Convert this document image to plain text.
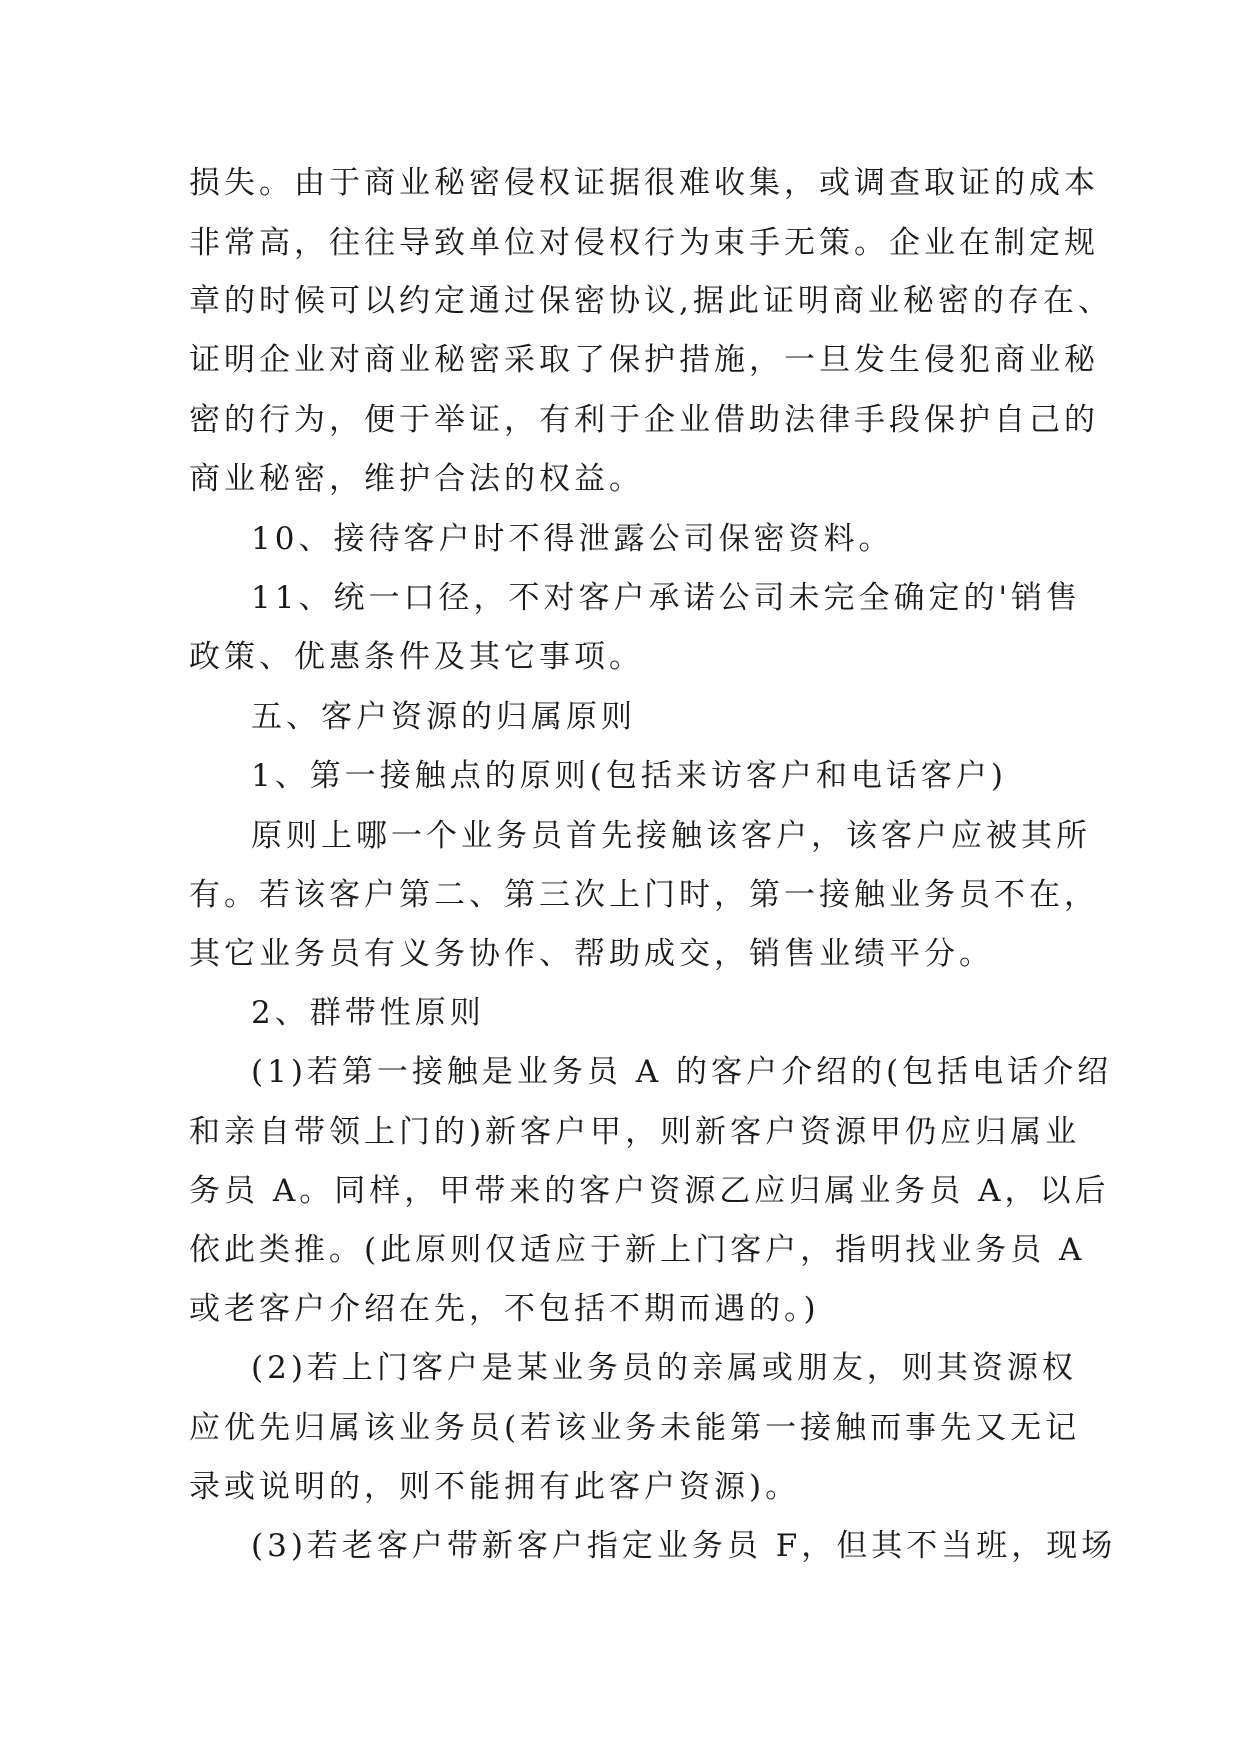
损失。由于商业秘密侵权证据很难收集，或调查取证的成本
非常高，往往导致单位对侵权行为束手无策。企业在制定规
章的时候可以约定通过保密协议,据此证明商业秘密的存在、
证明企业对商业秘密采取了保护措施，一旦发生侵犯商业秘
密的行为，便于举证，有利于企业借助法律手段保护自己的
商业秘密，维护合法的权益。
10、接待客户时不得泄露公司保密资料。
11、统一口径，不对客户承诺公司未完全确定的'销售
政策、优惠条件及其它事项。
五、客户资源的归属原则
1、第一接触点的原则(包括来访客户和电话客户)
原则上哪一个业务员首先接触该客户，该客户应被其所
有。若该客户第二、第三次上门时，第一接触业务员不在，
其它业务员有义务协作、帮助成交，销售业绩平分。
2、群带性原则
(1)若第一接触是业务员 A 的客户介绍的(包括电话介绍
和亲自带领上门的)新客户甲，则新客户资源甲仍应归属业
务员 A。同样，甲带来的客户资源乙应归属业务员 A，以后
依此类推。(此原则仅适应于新上门客户，指明找业务员 A
或老客户介绍在先，不包括不期而遇的。)
(2)若上门客户是某业务员的亲属或朋友，则其资源权
应优先归属该业务员(若该业务未能第一接触而事先又无记
录或说明的，则不能拥有此客户资源)。
(3)若老客户带新客户指定业务员 F，但其不当班，现场
